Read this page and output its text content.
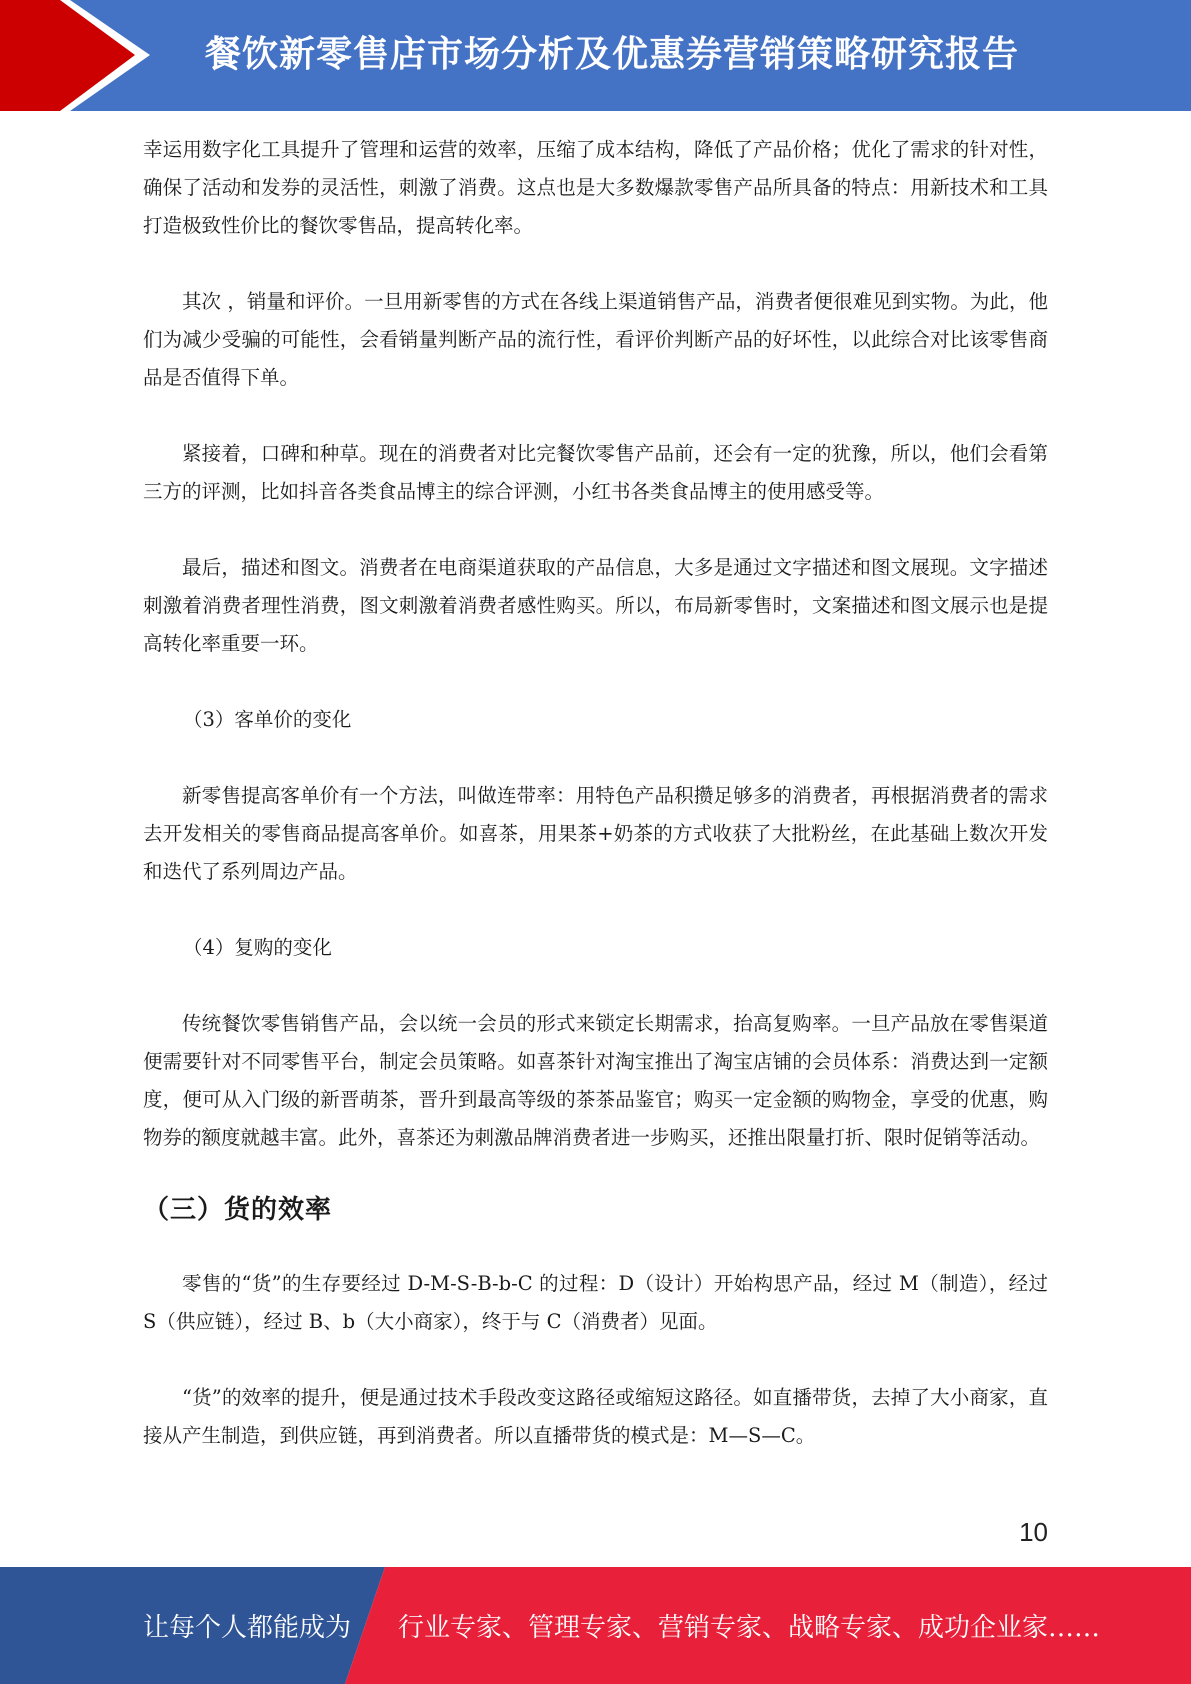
餐饮新零售店市场分析及优惠券营销策略研究报告

幸运用数字化工具提升了管理和运营的效率，压缩了成本结构，降低了产品价格；优化了需求的针对性，确保了活动和发券的灵活性，刺激了消费。这点也是大多数爆款零售产品所具备的特点：用新技术和工具打造极致性价比的餐饮零售品，提高转化率。

其次 ，销量和评价。一旦用新零售的方式在各线上渠道销售产品，消费者便很难见到实物。为此，他们为减少受骗的可能性，会看销量判断产品的流行性，看评价判断产品的好坏性，以此综合对比该零售商品是否值得下单。

紧接着，口碑和种草。现在的消费者对比完餐饮零售产品前，还会有一定的犹豫，所以，他们会看第三方的评测，比如抖音各类食品博主的综合评测，小红书各类食品博主的使用感受等。

最后，描述和图文。消费者在电商渠道获取的产品信息，大多是通过文字描述和图文展现。文字描述刺激着消费者理性消费，图文刺激着消费者感性购买。所以，布局新零售时，文案描述和图文展示也是提高转化率重要一环。

（3）客单价的变化

新零售提高客单价有一个方法，叫做连带率：用特色产品积攒足够多的消费者，再根据消费者的需求去开发相关的零售商品提高客单价。如喜茶，用果茶+奶茶的方式收获了大批粉丝，在此基础上数次开发和迭代了系列周边产品。

（4）复购的变化

传统餐饮零售销售产品，会以统一会员的形式来锁定长期需求，抬高复购率。一旦产品放在零售渠道便需要针对不同零售平台，制定会员策略。如喜茶针对淘宝推出了淘宝店铺的会员体系：消费达到一定额度，便可从入门级的新晋萌茶，晋升到最高等级的茶茶品鉴官；购买一定金额的购物金，享受的优惠，购物券的额度就越丰富。此外，喜茶还为刺激品牌消费者进一步购买，还推出限量打折、限时促销等活动。

（三）货的效率

零售的“货”的生存要经过 D-M-S-B-b-C 的过程：D（设计）开始构思产品，经过 M（制造），经过 S（供应链），经过 B、b（大小商家），终于与 C（消费者）见面。

“货”的效率的提升，便是通过技术手段改变这路径或缩短这路径。如直播带货，去掉了大小商家，直接从产生制造，到供应链，再到消费者。所以直播带货的模式是：M—S—C。

10
让每个人都能成为 行业专家、管理专家、营销专家、战略专家、成功企业家……
